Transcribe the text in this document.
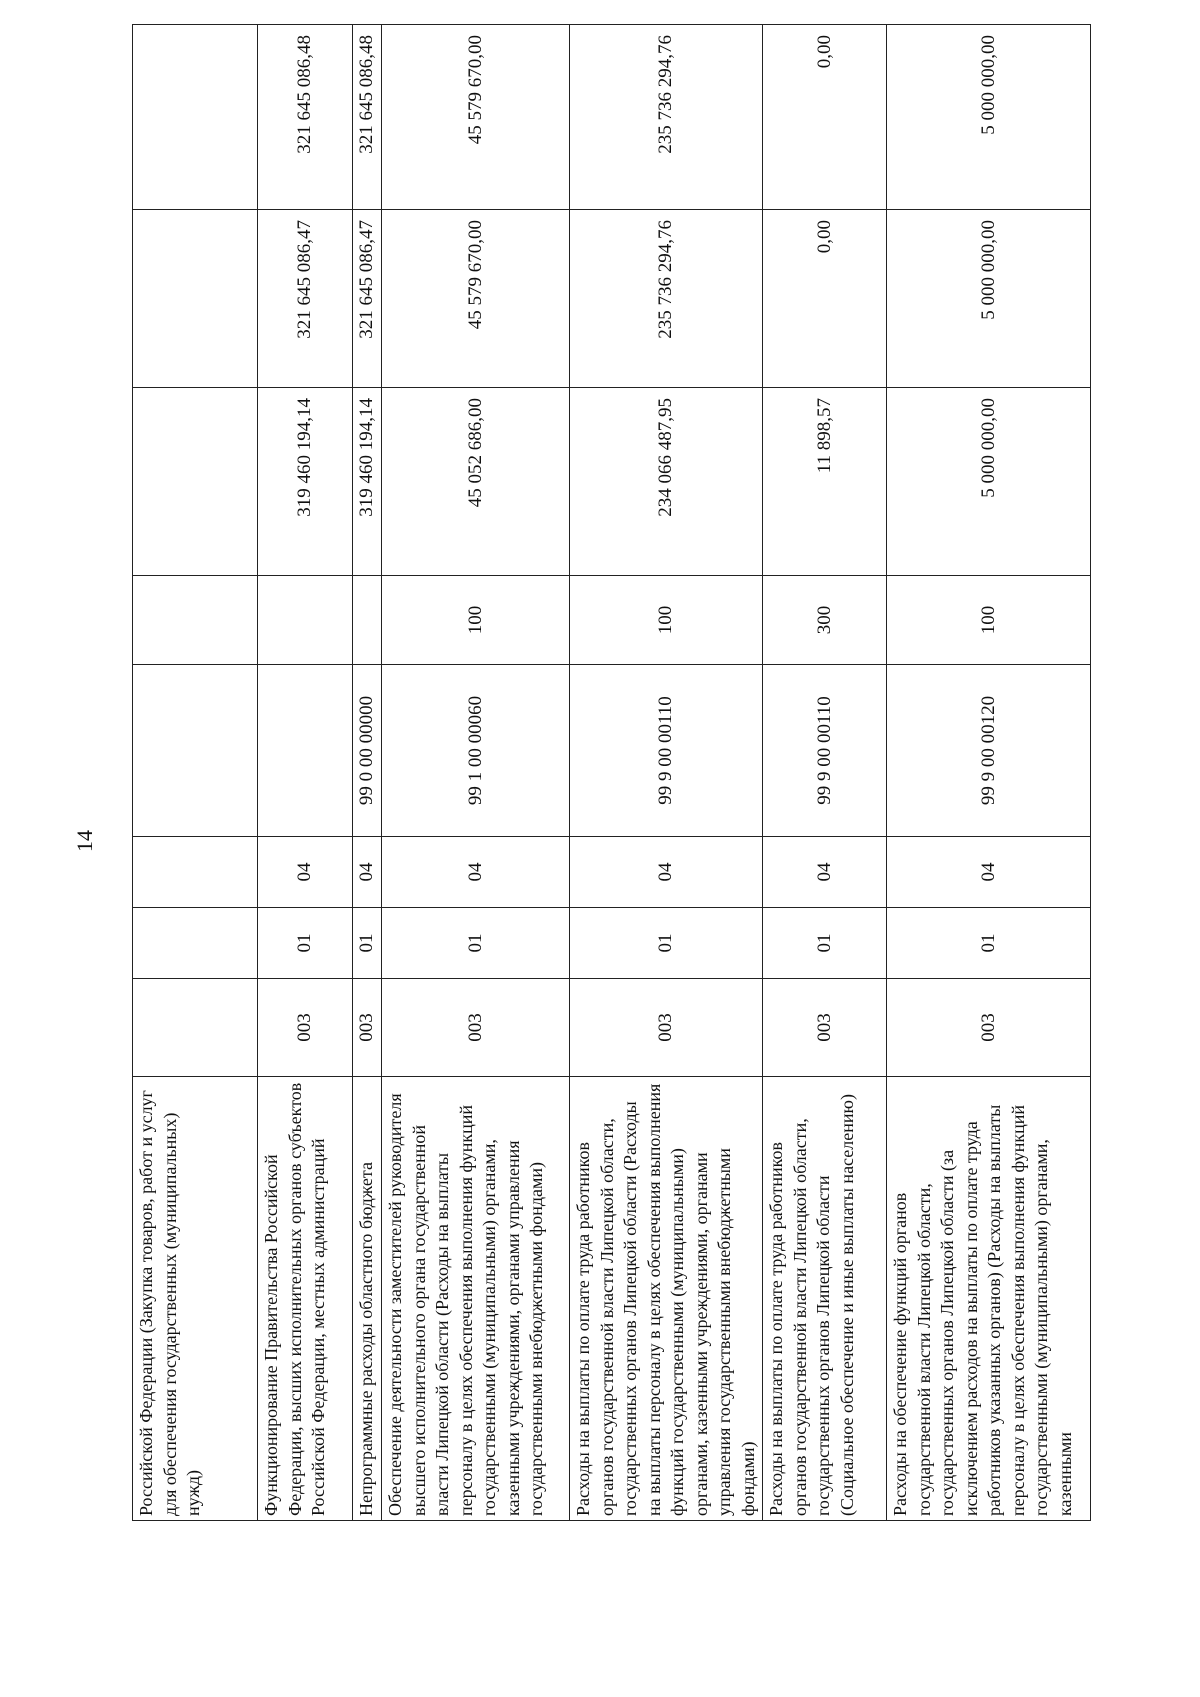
14
Российской Федерации (Закупка товаров, работ и услуг для обеспечения государственных (муниципальных) нужд)								
Функционирование Правительства Российской Федерации, высших исполнительных органов субъектов Российской Федерации, местных администраций	003	01	04			319 460 194,14	321 645 086,47	321 645 086,48
Непрограммные расходы областного бюджета	003	01	04	99 0 00 00000		319 460 194,14	321 645 086,47	321 645 086,48
Обеспечение деятельности заместителей руководителя высшего исполнительного органа государственной власти Липецкой области (Расходы на выплаты персоналу в целях обеспечения выполнения функций государственными (муниципальными) органами, казенными учреждениями, органами управления государственными внебюджетными фондами)	003	01	04	99 1 00 00060	100	45 052 686,00	45 579 670,00	45 579 670,00
Расходы на выплаты по оплате труда работников органов государственной власти Липецкой области, государственных органов Липецкой области (Расходы на выплаты персоналу в целях обеспечения выполнения функций государственными (муниципальными) органами, казенными учреждениями, органами управления государственными внебюджетными фондами)	003	01	04	99 9 00 00110	100	234 066 487,95	235 736 294,76	235 736 294,76
Расходы на выплаты по оплате труда работников органов государственной власти Липецкой области, государственных органов Липецкой области (Социальное обеспечение и иные выплаты населению)	003	01	04	99 9 00 00110	300	11 898,57	0,00	0,00
Расходы на обеспечение функций органов государственной власти Липецкой области, государственных органов Липецкой области (за исключением расходов на выплаты по оплате труда работников указанных органов) (Расходы на выплаты персоналу в целях обеспечения выполнения функций государственными (муниципальными) органами, казенными	003	01	04	99 9 00 00120	100	5 000 000,00	5 000 000,00	5 000 000,00
